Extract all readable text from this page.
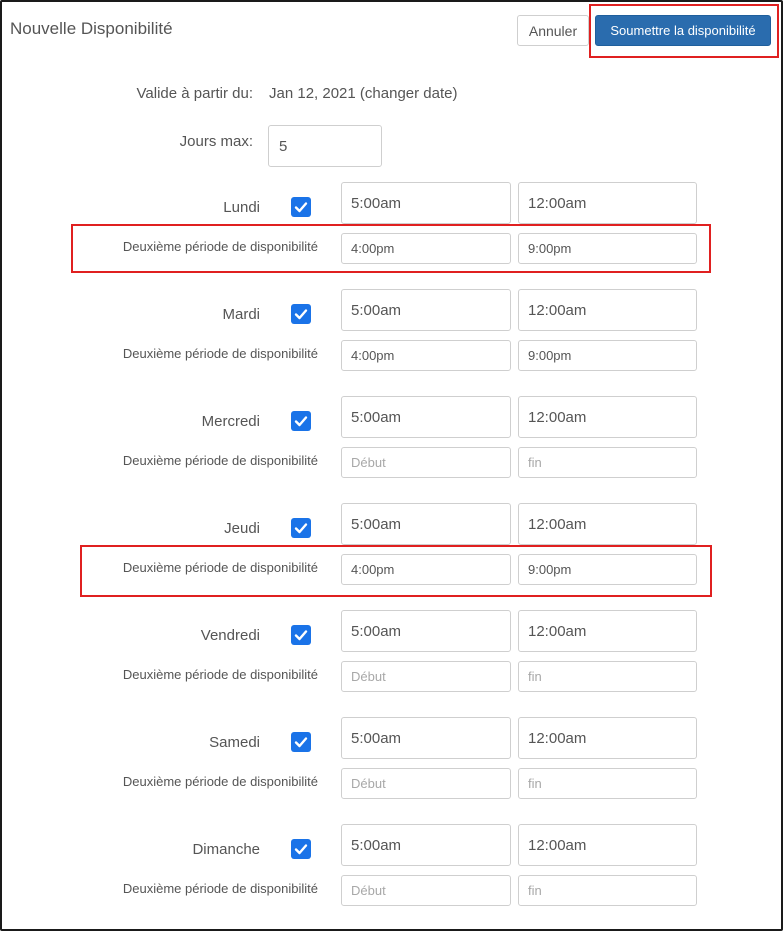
Nouvelle Disponibilité	Annuler	Soumettre la disponibilité
Valide à partir du: Jan 12, 2021 (changer date)
Jours max:
5
Lundi
5:00am
12:00am
Deuxième période de disponibilité
4:00pm
9:00pm
Mardi
5:00am
12:00am
Deuxième période de disponibilité
4:00pm
9:00pm
Mercredi
5:00am
12:00am
Deuxième période de disponibilité
Début
fin
Jeudi
5:00am
12:00am
Deuxième période de disponibilité
4:00pm
9:00pm
Vendredi
5:00am
12:00am
Deuxième période de disponibilité
Début
fin
Samedi
5:00am
12:00am
Deuxième période de disponibilité
Début
fin
Dimanche
5:00am
12:00am
Deuxième période de disponibilité
Début
fin
